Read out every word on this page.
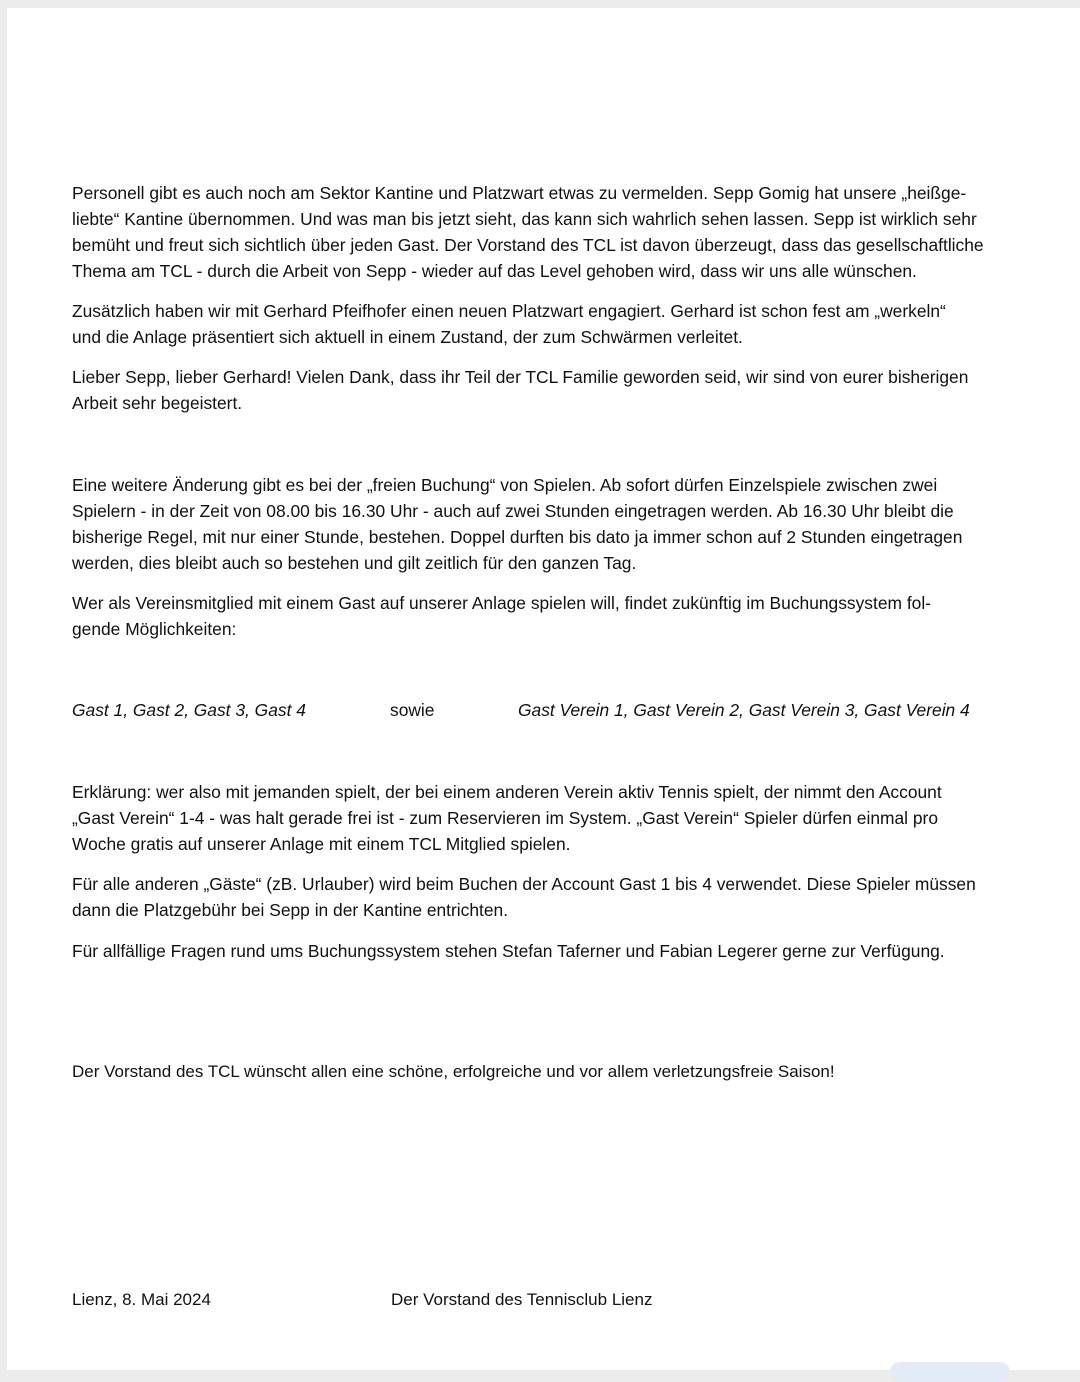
Personell gibt es auch noch am Sektor Kantine und Platzwart etwas zu vermelden. Sepp Gomig hat unsere „heißge-
liebte“ Kantine übernommen. Und was man bis jetzt sieht, das kann sich wahrlich sehen lassen. Sepp ist wirklich sehr
bemüht und freut sich sichtlich über jeden Gast. Der Vorstand des TCL ist davon überzeugt, dass das gesellschaftliche
Thema am TCL - durch die Arbeit von Sepp - wieder auf das Level gehoben wird, dass wir uns alle wünschen.

Zusätzlich haben wir mit Gerhard Pfeifhofer einen neuen Platzwart engagiert. Gerhard ist schon fest am „werkeln“
und die Anlage präsentiert sich aktuell in einem Zustand, der zum Schwärmen verleitet.

Lieber Sepp, lieber Gerhard! Vielen Dank, dass ihr Teil der TCL Familie geworden seid, wir sind von eurer bisherigen
Arbeit sehr begeistert.

Eine weitere Änderung gibt es bei der „freien Buchung“ von Spielen. Ab sofort dürfen Einzelspiele zwischen zwei
Spielern - in der Zeit von 08.00 bis 16.30 Uhr - auch auf zwei Stunden eingetragen werden. Ab 16.30 Uhr bleibt die
bisherige Regel, mit nur einer Stunde, bestehen. Doppel durften bis dato ja immer schon auf 2 Stunden eingetragen
werden, dies bleibt auch so bestehen und gilt zeitlich für den ganzen Tag.

Wer als Vereinsmitglied mit einem Gast auf unserer Anlage spielen will, findet zukünftig im Buchungssystem fol-
gende Möglichkeiten:

Gast 1, Gast 2, Gast 3, Gast 4	sowie	Gast Verein 1, Gast Verein 2, Gast Verein 3, Gast Verein 4

Erklärung: wer also mit jemanden spielt, der bei einem anderen Verein aktiv Tennis spielt, der nimmt den Account
„Gast Verein“ 1-4 - was halt gerade frei ist - zum Reservieren im System. „Gast Verein“ Spieler dürfen einmal pro
Woche gratis auf unserer Anlage mit einem TCL Mitglied spielen.

Für alle anderen „Gäste“ (zB. Urlauber) wird beim Buchen der Account Gast 1 bis 4 verwendet. Diese Spieler müssen
dann die Platzgebühr bei Sepp in der Kantine entrichten.

Für allfällige Fragen rund ums Buchungssystem stehen Stefan Taferner und Fabian Legerer gerne zur Verfügung.

Der Vorstand des TCL wünscht allen eine schöne, erfolgreiche und vor allem verletzungsfreie Saison!

Lienz, 8. Mai 2024	Der Vorstand des Tennisclub Lienz
